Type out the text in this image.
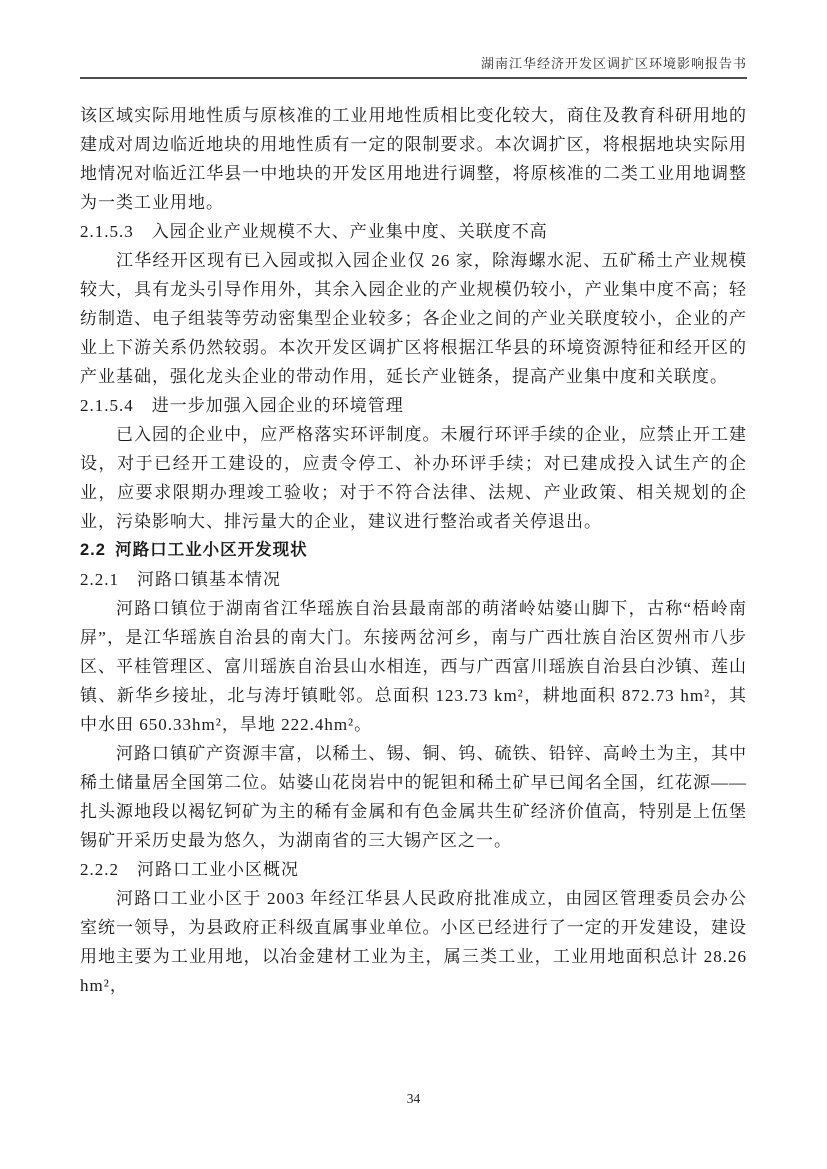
湖南江华经济开发区调扩区环境影响报告书

该区域实际用地性质与原核准的工业用地性质相比变化较大，商住及教育科研用地的建成对周边临近地块的用地性质有一定的限制要求。本次调扩区，将根据地块实际用地情况对临近江华县一中地块的开发区用地进行调整，将原核准的二类工业用地调整为一类工业用地。

2.1.5.3　入园企业产业规模不大、产业集中度、关联度不高

江华经开区现有已入园或拟入园企业仅 26 家，除海螺水泥、五矿稀土产业规模较大，具有龙头引导作用外，其余入园企业的产业规模仍较小，产业集中度不高；轻纺制造、电子组装等劳动密集型企业较多；各企业之间的产业关联度较小，企业的产业上下游关系仍然较弱。本次开发区调扩区将根据江华县的环境资源特征和经开区的产业基础，强化龙头企业的带动作用，延长产业链条，提高产业集中度和关联度。

2.1.5.4　进一步加强入园企业的环境管理

已入园的企业中，应严格落实环评制度。未履行环评手续的企业，应禁止开工建设，对于已经开工建设的，应责令停工、补办环评手续；对已建成投入试生产的企业，应要求限期办理竣工验收；对于不符合法律、法规、产业政策、相关规划的企业，污染影响大、排污量大的企业，建议进行整治或者关停退出。

2.2 河路口工业小区开发现状

2.2.1　河路口镇基本情况

河路口镇位于湖南省江华瑶族自治县最南部的萌渚岭姑婆山脚下，古称“梧岭南屏”，是江华瑶族自治县的南大门。东接两岔河乡，南与广西壮族自治区贺州市八步区、平桂管理区、富川瑶族自治县山水相连，西与广西富川瑶族自治县白沙镇、莲山镇、新华乡接址，北与涛圩镇毗邻。总面积 123.73 km²，耕地面积 872.73 hm²，其中水田 650.33hm²，旱地 222.4hm²。

河路口镇矿产资源丰富，以稀土、锡、铜、钨、硫铁、铅锌、高岭土为主，其中稀土储量居全国第二位。姑婆山花岗岩中的铌钽和稀土矿早已闻名全国，红花源——扎头源地段以褐钇钶矿为主的稀有金属和有色金属共生矿经济价值高，特别是上伍堡锡矿开采历史最为悠久，为湖南省的三大锡产区之一。

2.2.2　河路口工业小区概况

河路口工业小区于 2003 年经江华县人民政府批准成立，由园区管理委员会办公室统一领导，为县政府正科级直属事业单位。小区已经进行了一定的开发建设，建设用地主要为工业用地，以冶金建材工业为主，属三类工业，工业用地面积总计 28.26 hm²，

34
